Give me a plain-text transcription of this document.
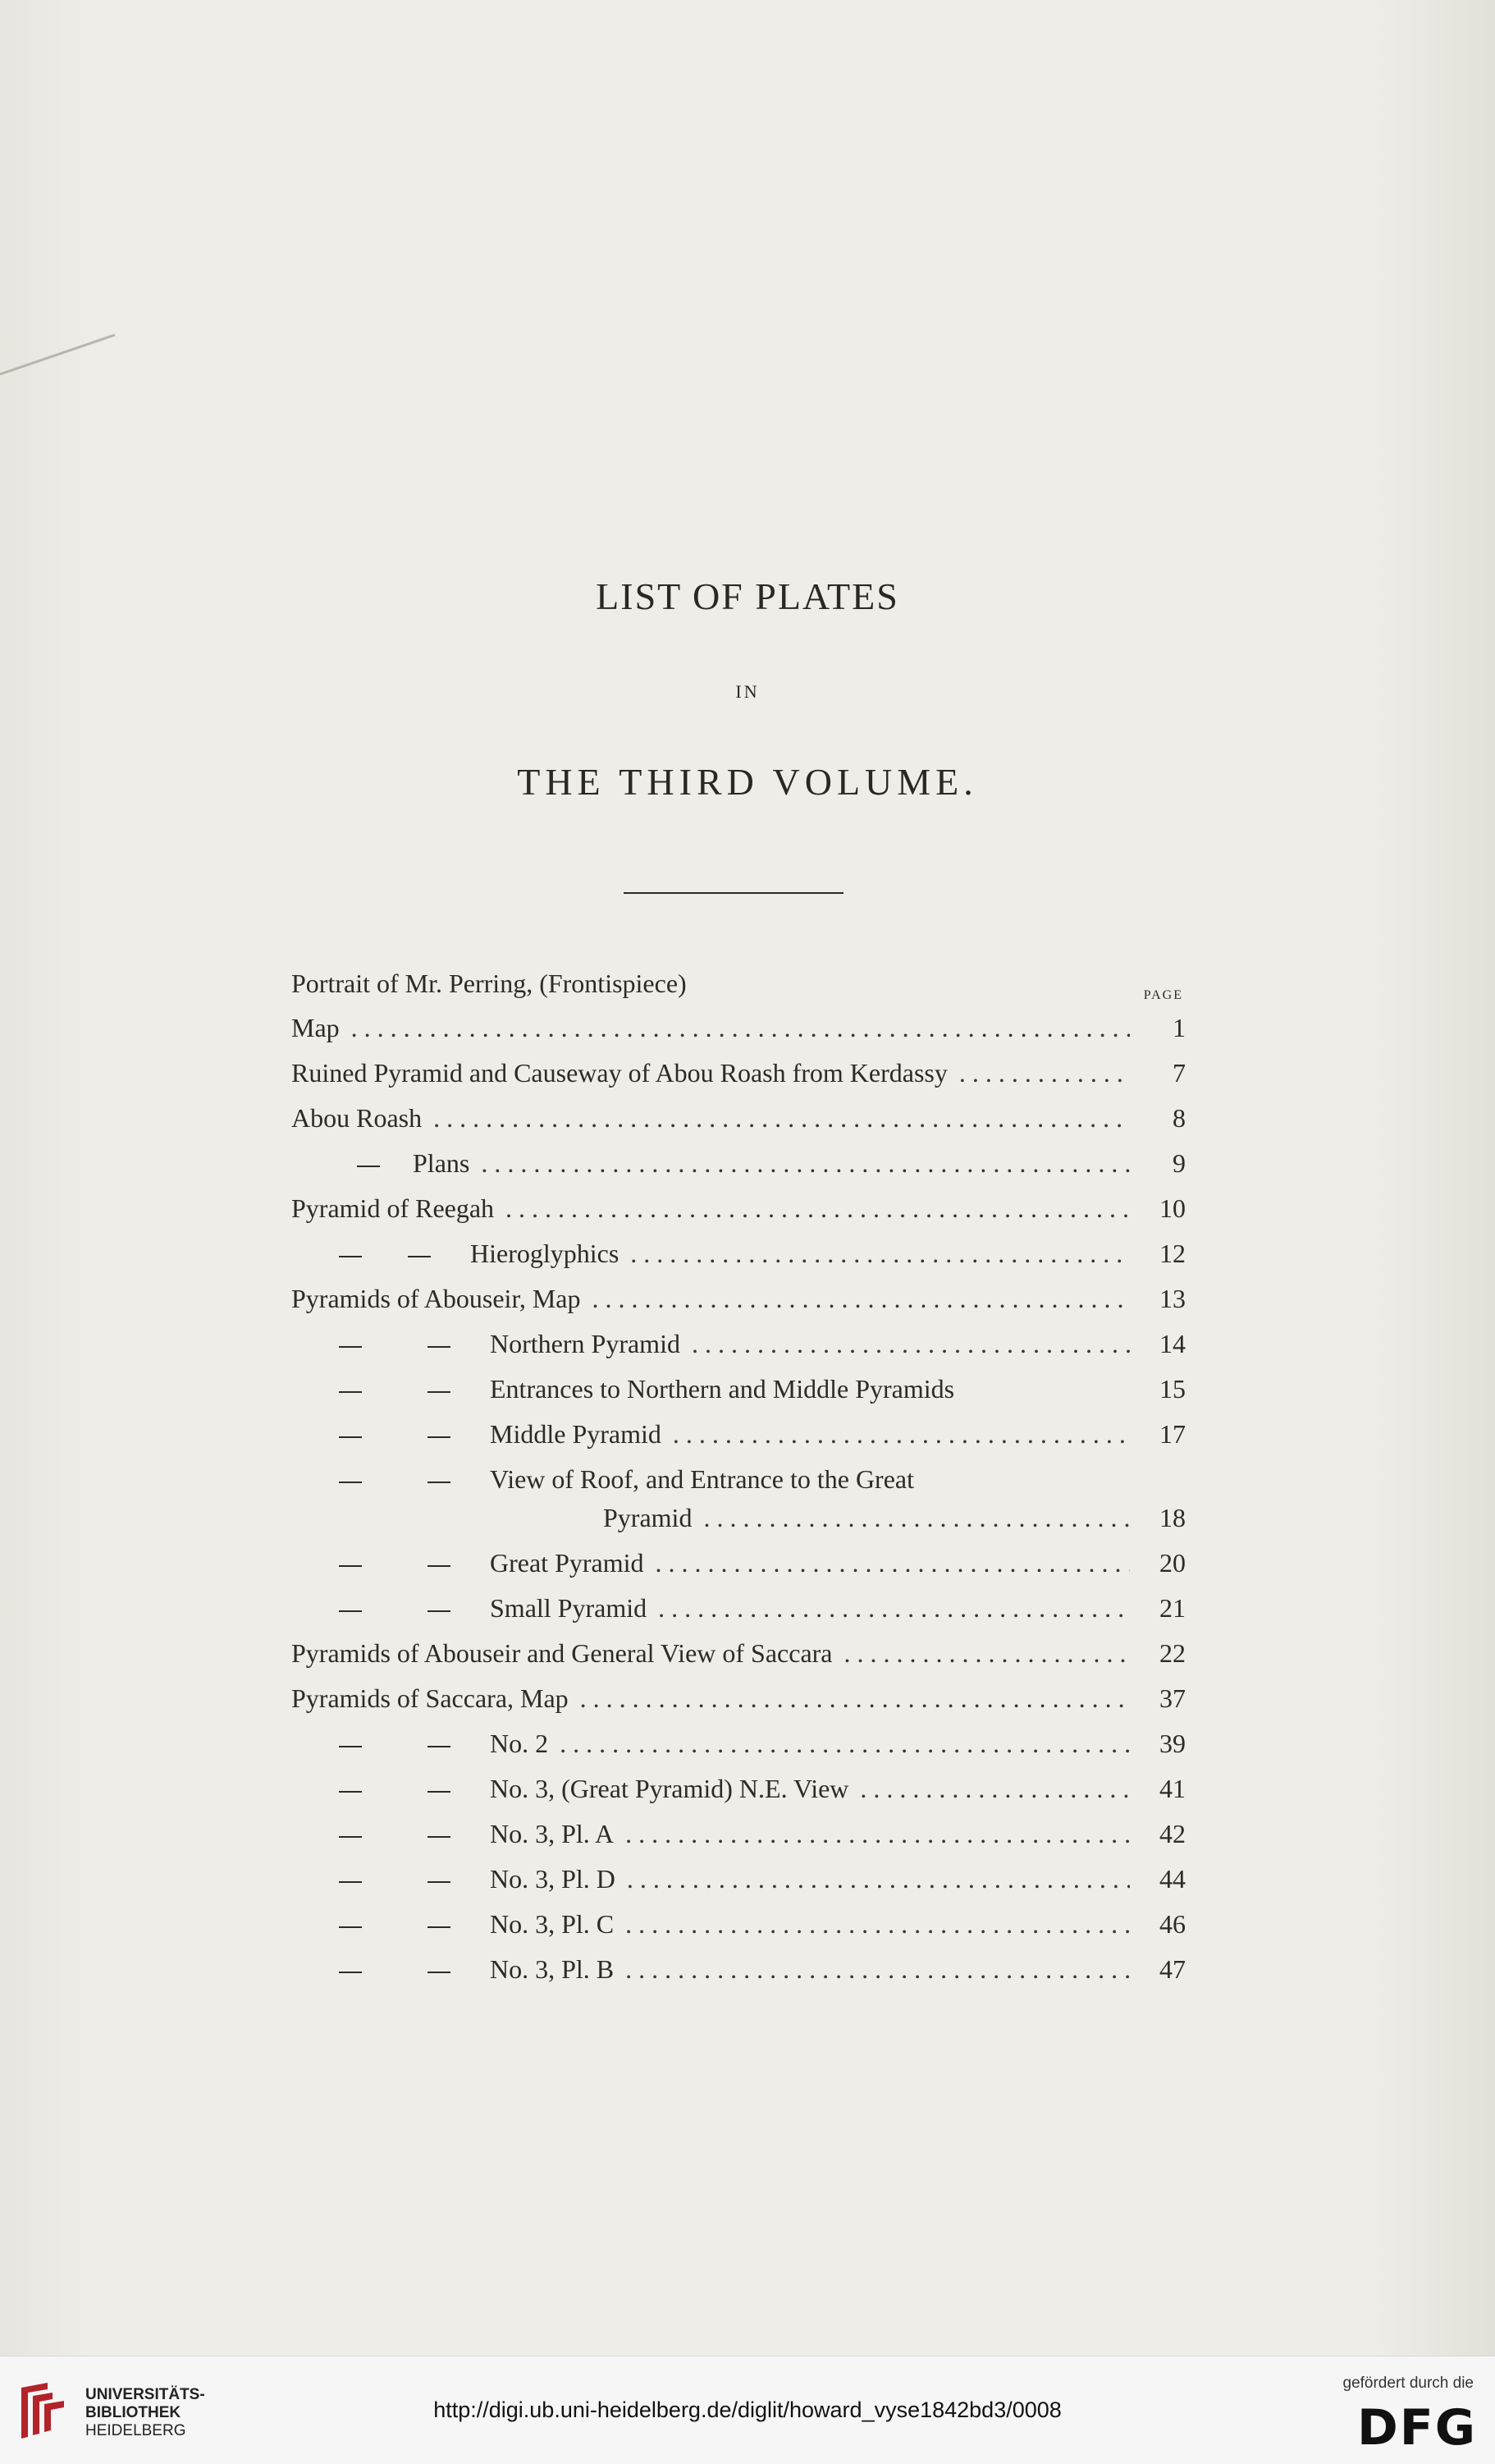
LIST OF PLATES
IN
THE THIRD VOLUME.
PAGE
Portrait of Mr. Perring, (Frontispiece)
Map . . .	1
Ruined Pyramid and Causeway of Abou Roash from Kerdassy . . .	7
Abou Roash . . .	8
Plans . . .	9
Pyramid of Reegah . . .	10
Hieroglyphics . . .	12
Pyramids of Abouseir, Map . . .	13
Northern Pyramid . . .	14
Entrances to Northern and Middle Pyramids	15
Middle Pyramid . . .	17
View of Roof, and Entrance to the Great
Pyramid . . .	18
Great Pyramid . . .	20
Small Pyramid . . .	21
Pyramids of Abouseir and General View of Saccara . . .	22
Pyramids of Saccara, Map . . .	37
No. 2 . . .	39
No. 3, (Great Pyramid) N.E. View . . .	41
No. 3, Pl. A . . .	42
No. 3, Pl. D . . .	44
No. 3, Pl. C . . .	46
No. 3, Pl. B . . .	47
UNIVERSITÄTS-
BIBLIOTHEK
HEIDELBERG
http://digi.ub.uni-heidelberg.de/diglit/howard_vyse1842bd3/0008
gefördert durch die
DFG
